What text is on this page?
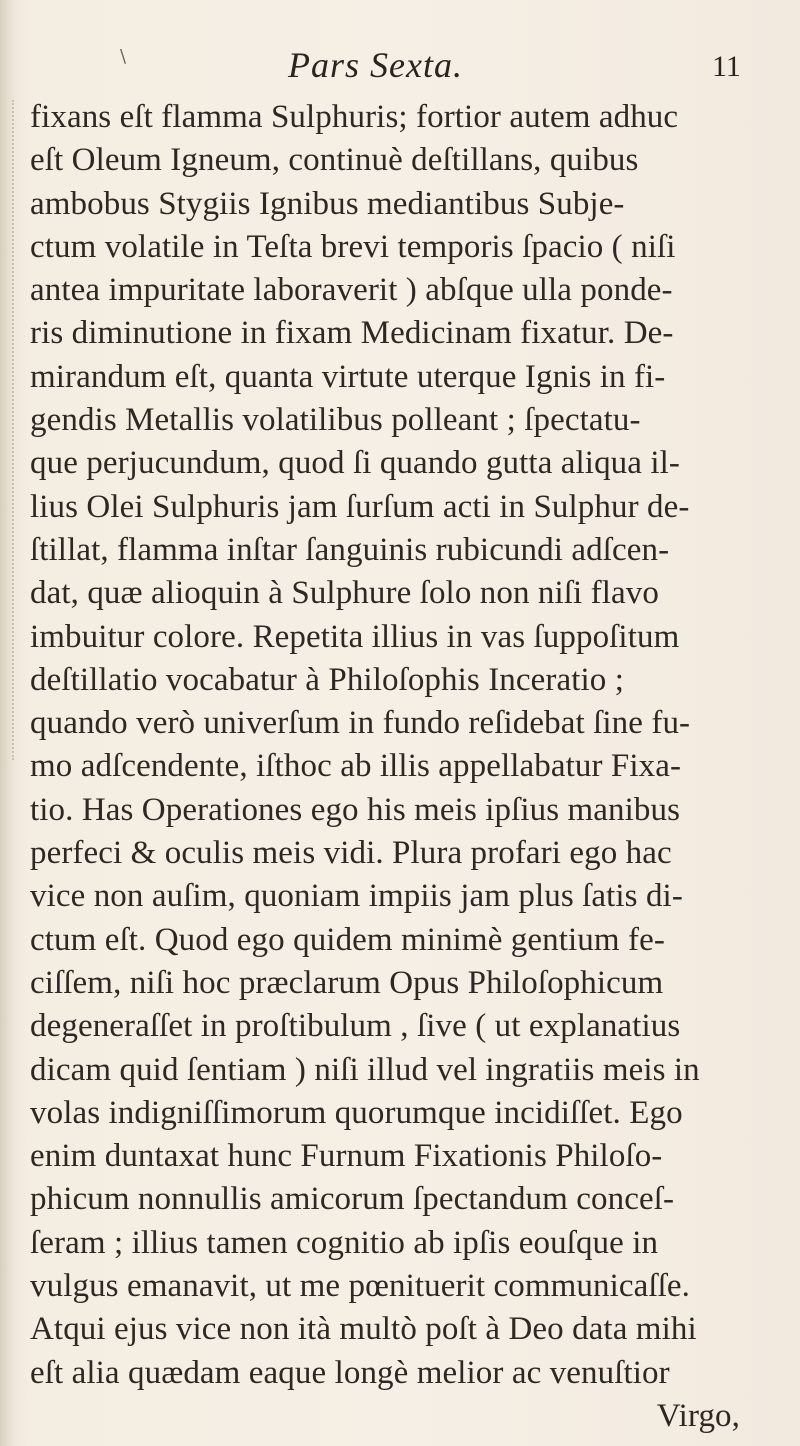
\	Pars Sexta.	11
fixans eſt flamma Sulphuris; fortior autem adhuc
eſt Oleum Igneum, continuè deſtillans, quibus
ambobus Stygiis Ignibus mediantibus Subje-
ctum volatile in Teſta brevi temporis ſpacio ( niſi
antea impuritate laboraverit ) abſque ulla ponde-
ris diminutione in fixam Medicinam fixatur. De-
mirandum eſt, quanta virtute uterque Ignis in fi-
gendis Metallis volatilibus polleant ; ſpectatu-
que perjucundum, quod ſi quando gutta aliqua il-
lius Olei Sulphuris jam ſurſum acti in Sulphur de-
ſtillat, flamma inſtar ſanguinis rubicundi adſcen-
dat, quæ alioquin à Sulphure ſolo non niſi flavo
imbuitur colore. Repetita illius in vas ſuppoſitum
deſtillatio vocabatur à Philoſophis Inceratio ;
quando verò univerſum in fundo reſidebat ſine fu-
mo adſcendente, iſthoc ab illis appellabatur Fixa-
tio. Has Operationes ego his meis ipſius manibus
perfeci & oculis meis vidi. Plura profari ego hac
vice non auſim, quoniam impiis jam plus ſatis di-
ctum eſt. Quod ego quidem minimè gentium fe-
ciſſem, niſi hoc præclarum Opus Philoſophicum
degeneraſſet in proſtibulum , ſive ( ut explanatius
dicam quid ſentiam ) niſi illud vel ingratiis meis in
volas indigniſſimorum quorumque incidiſſet. Ego
enim duntaxat hunc Furnum Fixationis Philoſo-
phicum nonnullis amicorum ſpectandum conceſ-
ſeram ; illius tamen cognitio ab ipſis eouſque in
vulgus emanavit, ut me pœnituerit communicaſſe.
Atqui ejus vice non ità multò poſt à Deo data mihi
eſt alia quædam eaque longè melior ac venuſtior
Virgo,
